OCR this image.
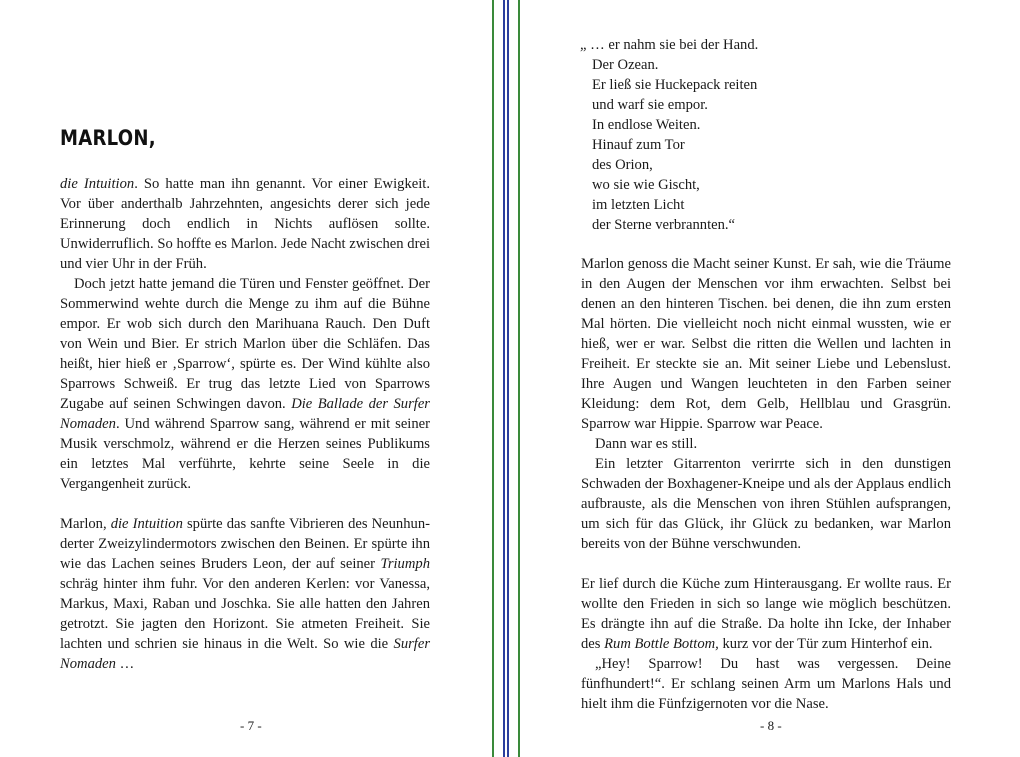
MARLON,

die Intuition. So hatte man ihn genannt. Vor einer Ewigkeit. Vor über anderthalb Jahrzehnten, angesichts derer sich jede Erinnerung doch endlich in Nichts auflösen sollte. Unwiderruflich. So hoffte es Marlon. Jede Nacht zwischen drei und vier Uhr in der Früh.

Doch jetzt hatte jemand die Türen und Fenster geöffnet. Der Sommerwind wehte durch die Menge zu ihm auf die Bühne empor. Er wob sich durch den Marihuana Rauch. Den Duft von Wein und Bier. Er strich Marlon über die Schläfen. Das heißt, hier hieß er ‚Sparrow‘, spürte es. Der Wind kühlte also Sparrows Schweiß. Er trug das letzte Lied von Sparrows Zugabe auf seinen Schwingen davon. Die Ballade der Surfer Nomaden. Und während Sparrow sang, während er mit seiner Musik verschmolz, während er die Herzen seines Publikums ein letztes Mal verführte, kehrte seine Seele in die Vergangenheit zurück.

Marlon, die Intuition spürte das sanfte Vibrieren des Neunhunderter Zweizylindermotors zwischen den Beinen. Er spürte ihn wie das Lachen seines Bruders Leon, der auf seiner Triumph schräg hinter ihm fuhr. Vor den anderen Kerlen: vor Vanessa, Markus, Maxi, Raban und Joschka. Sie alle hatten den Jahren getrotzt. Sie jagten den Horizont. Sie atmeten Freiheit. Sie lachten und schrien sie hinaus in die Welt. So wie die Surfer Nomaden …

- 7 -
„ … er nahm sie bei der Hand.
Der Ozean.
Er ließ sie Huckepack reiten
und warf sie empor.
In endlose Weiten.
Hinauf zum Tor
des Orion,
wo sie wie Gischt,
im letzten Licht
der Sterne verbrannten.“

Marlon genoss die Macht seiner Kunst. Er sah, wie die Träume in den Augen der Menschen vor ihm erwachten. Selbst bei denen an den hinteren Tischen. bei denen, die ihn zum ersten Mal hörten. Die vielleicht noch nicht einmal wussten, wie er hieß, wer er war. Selbst die ritten die Wellen und lachten in Freiheit. Er steckte sie an. Mit seiner Liebe und Lebenslust. Ihre Augen und Wangen leuchteten in den Farben seiner Kleidung: dem Rot, dem Gelb, Hellblau und Grasgrün. Sparrow war Hippie. Sparrow war Peace.

Dann war es still.

Ein letzter Gitarrenton verirrte sich in den dunstigen Schwaden der Boxhagener-Kneipe und als der Applaus endlich aufbrauste, als die Menschen von ihren Stühlen aufsprangen, um sich für das Glück, ihr Glück zu bedanken, war Marlon bereits von der Bühne verschwunden.

Er lief durch die Küche zum Hinterausgang. Er wollte raus. Er wollte den Frieden in sich so lange wie möglich beschützen. Es drängte ihn auf die Straße. Da holte ihn Icke, der Inhaber des Rum Bottle Bottom, kurz vor der Tür zum Hinterhof ein.

„Hey! Sparrow! Du hast was vergessen. Deine fünfhundert!“. Er schlang seinen Arm um Marlons Hals und hielt ihm die Fünfzigernoten vor die Nase.

- 8 -
